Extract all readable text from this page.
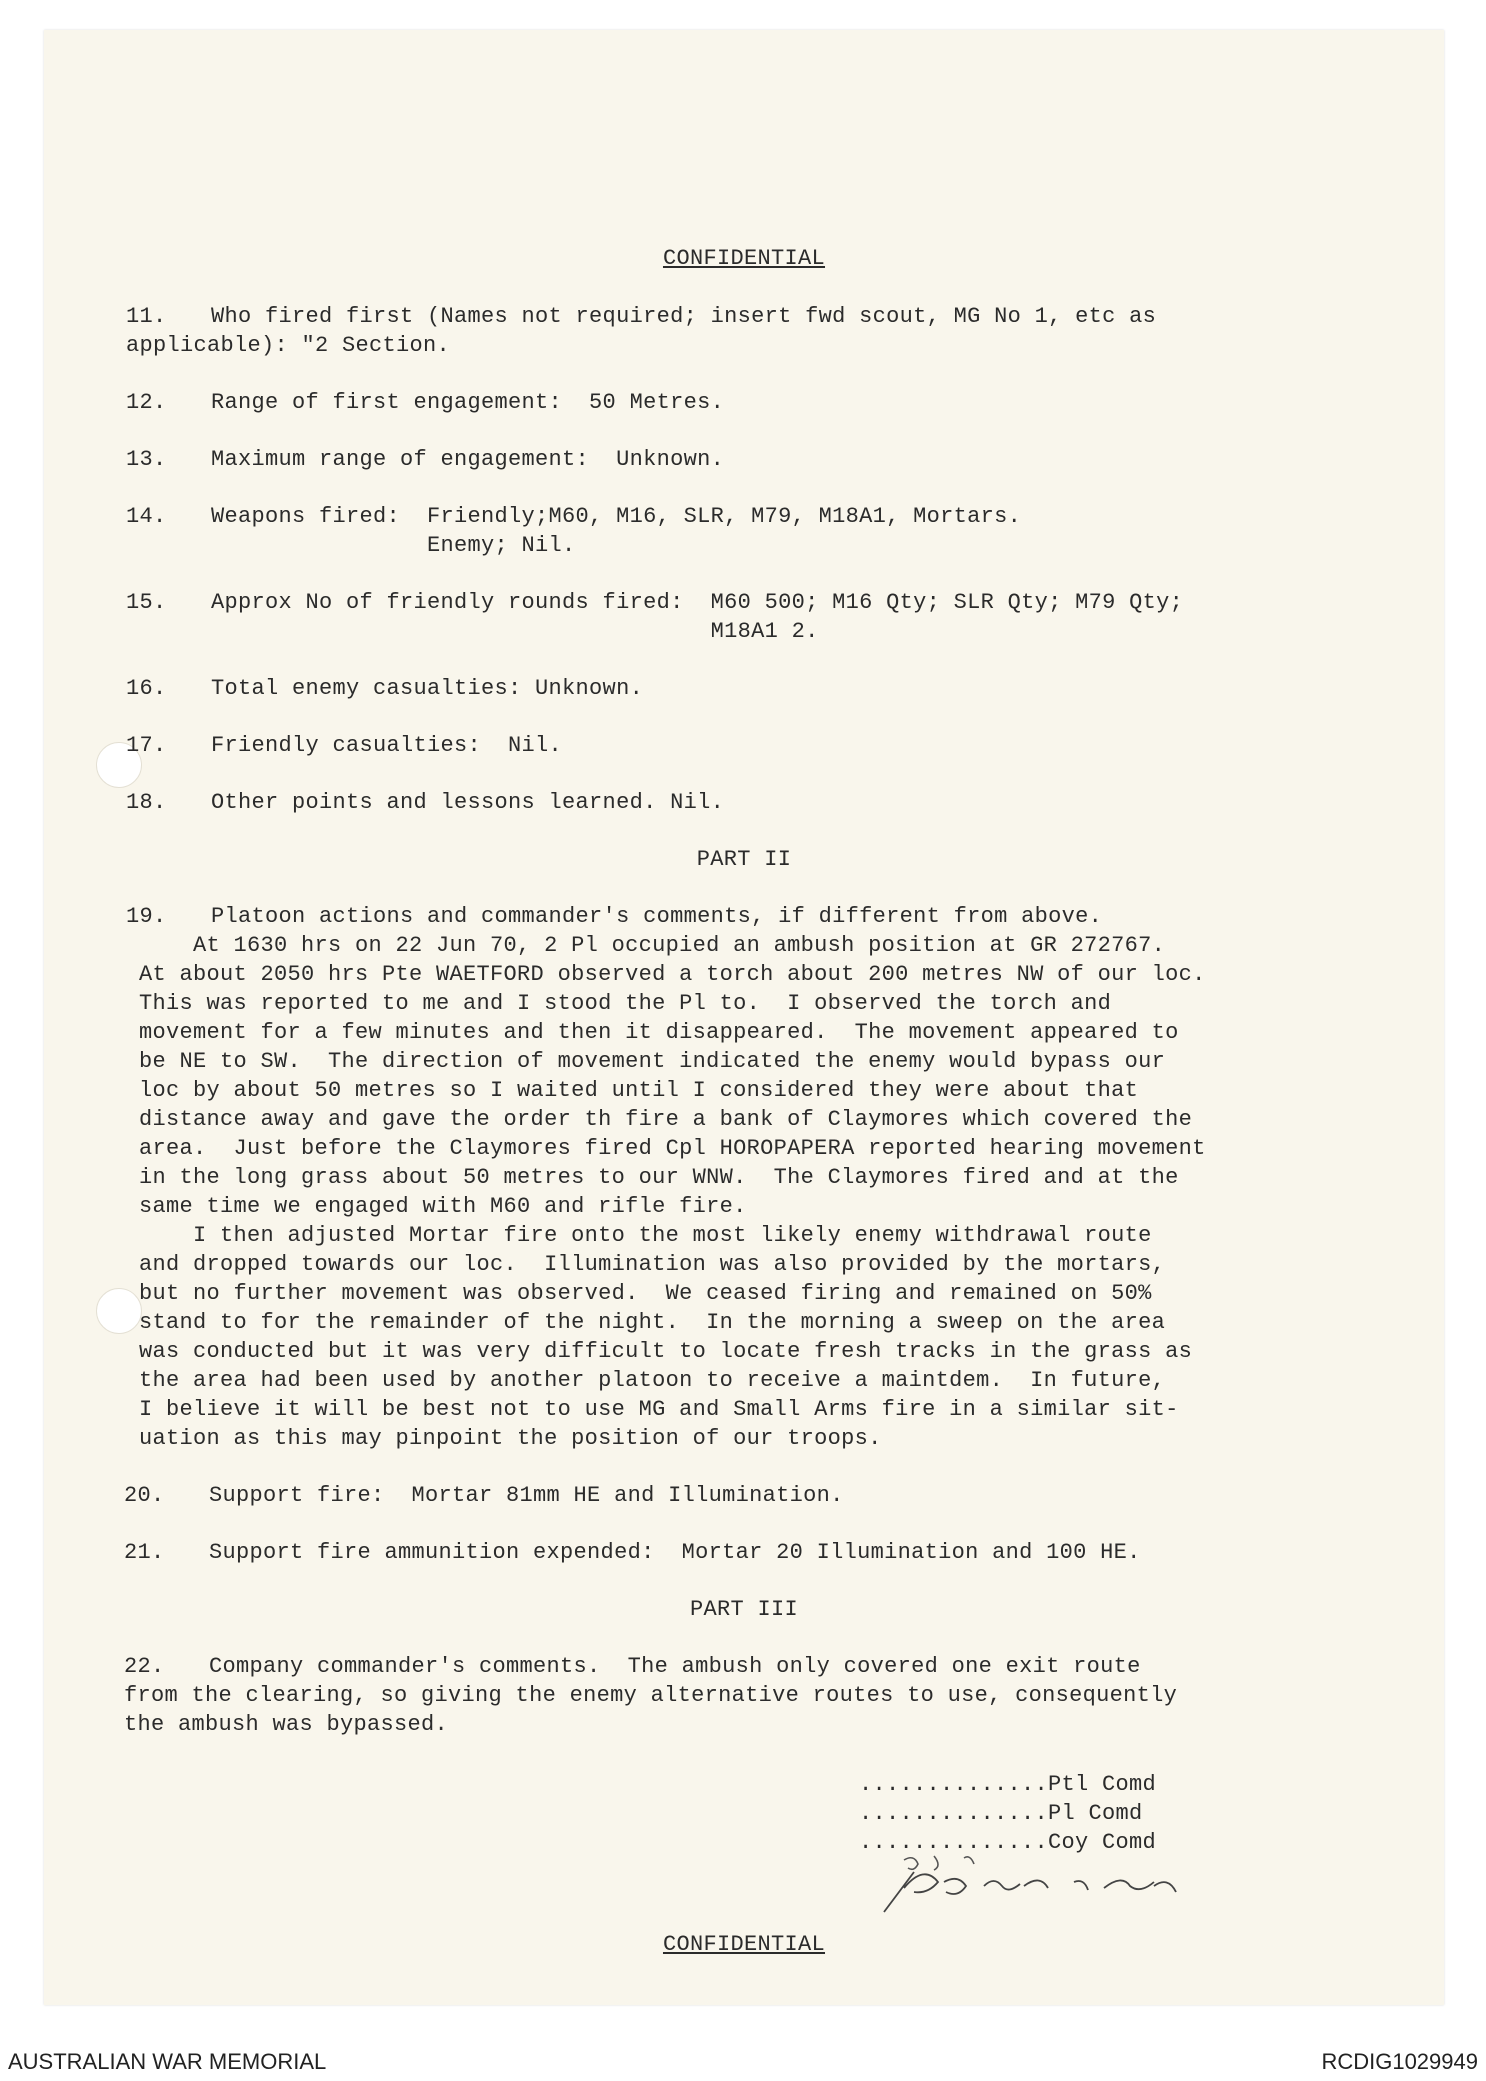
CONFIDENTIAL
11. Who fired first (Names not required; insert fwd scout, MG No 1, etc as
applicable): "2 Section.
12. Range of first engagement:  50 Metres.
13. Maximum range of engagement:  Unknown.
14. Weapons fired:  Friendly;M60, M16, SLR, M79, M18A1, Mortars.
Enemy; Nil.
15. Approx No of friendly rounds fired:  M60 500; M16 Qty; SLR Qty; M79 Qty;
M18A1 2.
16. Total enemy casualties: Unknown.
17. Friendly casualties:  Nil.
18. Other points and lessons learned. Nil.
PART II
19. Platoon actions and commander's comments, if different from above.
At 1630 hrs on 22 Jun 70, 2 Pl occupied an ambush position at GR 272767.
At about 2050 hrs Pte WAETFORD observed a torch about 200 metres NW of our loc.
This was reported to me and I stood the Pl to.  I observed the torch and
movement for a few minutes and then it disappeared.  The movement appeared to
be NE to SW.  The direction of movement indicated the enemy would bypass our
loc by about 50 metres so I waited until I considered they were about that
distance away and gave the order th fire a bank of Claymores which covered the
area.  Just before the Claymores fired Cpl HOROPAPERA reported hearing movement
in the long grass about 50 metres to our WNW.  The Claymores fired and at the
same time we engaged with M60 and rifle fire.
I then adjusted Mortar fire onto the most likely enemy withdrawal route
and dropped towards our loc.  Illumination was also provided by the mortars,
but no further movement was observed.  We ceased firing and remained on 50%
stand to for the remainder of the night.  In the morning a sweep on the area
was conducted but it was very difficult to locate fresh tracks in the grass as
the area had been used by another platoon to receive a maintdem.  In future,
I believe it will be best not to use MG and Small Arms fire in a similar sit-
uation as this may pinpoint the position of our troops.
20. Support fire:  Mortar 81mm HE and Illumination.
21. Support fire ammunition expended:  Mortar 20 Illumination and 100 HE.
PART III
22. Company commander's comments.  The ambush only covered one exit route
from the clearing, so giving the enemy alternative routes to use, consequently
the ambush was bypassed.
..............Ptl Comd
..............Pl Comd
..............Coy Comd
CONFIDENTIAL
AUSTRALIAN WAR MEMORIAL	RCDIG1029949
